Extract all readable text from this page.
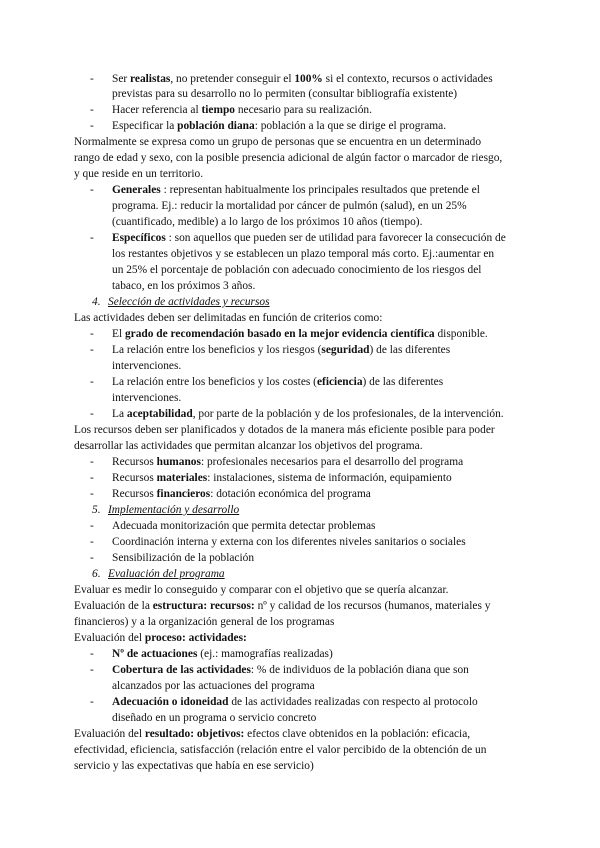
- Ser realistas, no pretender conseguir el 100% si el contexto, recursos o actividades
previstas para su desarrollo no lo permiten (consultar bibliografía existente)
- Hacer referencia al tiempo necesario para su realización.
- Especificar la población diana: población a la que se dirige el programa.
Normalmente se expresa como un grupo de personas que se encuentra en un determinado
rango de edad y sexo, con la posible presencia adicional de algún factor o marcador de riesgo,
y que reside en un territorio.
- Generales : representan habitualmente los principales resultados que pretende el
programa. Ej.: reducir la mortalidad por cáncer de pulmón (salud), en un 25%
(cuantificado, medible) a lo largo de los próximos 10 años (tiempo).
- Específicos : son aquellos que pueden ser de utilidad para favorecer la consecución de
los restantes objetivos y se establecen un plazo temporal más corto. Ej.:aumentar en
un 25% el porcentaje de población con adecuado conocimiento de los riesgos del
tabaco, en los próximos 3 años.
4. Selección de actividades y recursos
Las actividades deben ser delimitadas en función de criterios como:
- El grado de recomendación basado en la mejor evidencia científica disponible.
- La relación entre los beneficios y los riesgos (seguridad) de las diferentes
intervenciones.
- La relación entre los beneficios y los costes (eficiencia) de las diferentes
intervenciones.
- La aceptabilidad, por parte de la población y de los profesionales, de la intervención.
Los recursos deben ser planificados y dotados de la manera más eficiente posible para poder
desarrollar las actividades que permitan alcanzar los objetivos del programa.
- Recursos humanos: profesionales necesarios para el desarrollo del programa
- Recursos materiales: instalaciones, sistema de información, equipamiento
- Recursos financieros: dotación económica del programa
5. Implementación y desarrollo
- Adecuada monitorización que permita detectar problemas
- Coordinación interna y externa con los diferentes niveles sanitarios o sociales
- Sensibilización de la población
6. Evaluación del programa
Evaluar es medir lo conseguido y comparar con el objetivo que se quería alcanzar.
Evaluación de la estructura: recursos: nº y calidad de los recursos (humanos, materiales y
financieros) y a la organización general de los programas
Evaluación del proceso: actividades:
- Nº de actuaciones (ej.: mamografías realizadas)
- Cobertura de las actividades: % de individuos de la población diana que son
alcanzados por las actuaciones del programa
- Adecuación o idoneidad de las actividades realizadas con respecto al protocolo
diseñado en un programa o servicio concreto
Evaluación del resultado: objetivos: efectos clave obtenidos en la población: eficacia,
efectividad, eficiencia, satisfacción (relación entre el valor percibido de la obtención de un
servicio y las expectativas que había en ese servicio)
